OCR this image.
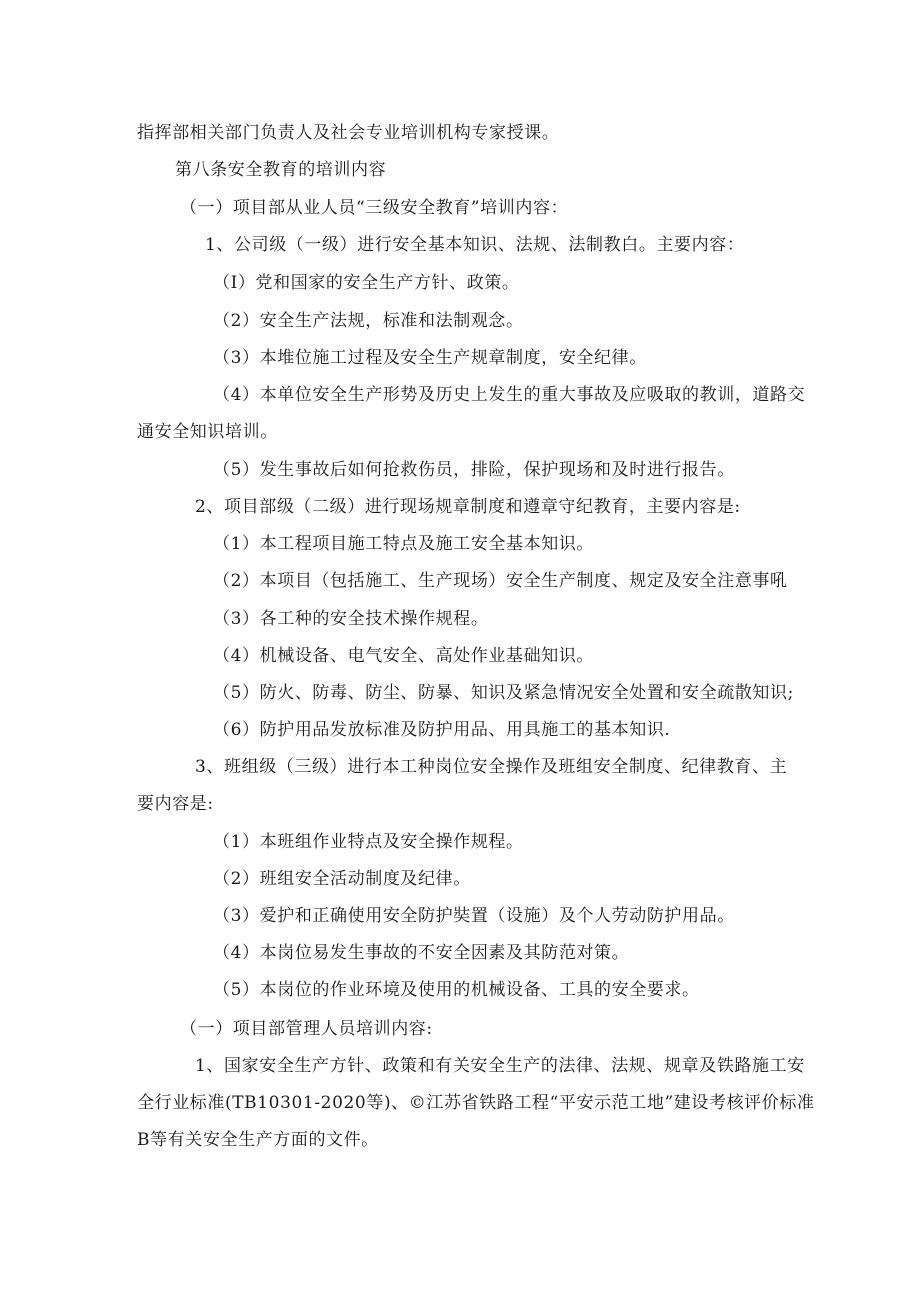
指挥部相关部门负责人及社会专业培训机构专家授课。
第八条安全教育的培训内容
（一）项目部从业人员“三级安全教育”培训内容：
1、公司级（一级）进行安全基本知识、法规、法制教白。主要内容：
（I）党和国家的安全生产方针、政策。
（2）安全生产法规，标准和法制观念。
（3）本堆位施工过程及安全生产规章制度，安全纪律。
（4）本单位安全生产形势及历史上发生的重大事故及应吸取的教训，道路交
通安全知识培训。
（5）发生事故后如何抢救伤员，排险，保护现场和及时进行报告。
2、项目部级（二级）进行现场规章制度和遵章守纪教育，主要内容是:
（1）本工程项目施工特点及施工安全基本知识。
（2）本项目（包括施工、生产现场）安全生产制度、规定及安全注意事吼
（3）各工种的安全技术操作规程。
（4）机械设备、电气安全、高处作业基础知识。
（5）防火、防毒、防尘、防暴、知识及紧急情况安全处置和安全疏散知识;
（6）防护用品发放标准及防护用品、用具施工的基本知识.
3、班组级（三级）进行本工种岗位安全操作及班组安全制度、纪律教育、主
要内容是:
（1）本班组作业特点及安全操作规程。
（2）班组安全活动制度及纪律。
（3）爱护和正确使用安全防护奘置（设施）及个人劳动防护用品。
（4）本岗位易发生事故的不安全因素及其防范对策。
（5）本岗位的作业环境及使用的机械设备、工具的安全要求。
（一）项目部管理人员培训内容:
1、国家安全生产方针、政策和有关安全生产的法律、法规、规章及铁路施工安
全行业标准(TB10301-2020等)、©江苏省铁路工程“平安示范工地”建设考核评价标准
B等有关安全生产方面的文件。
